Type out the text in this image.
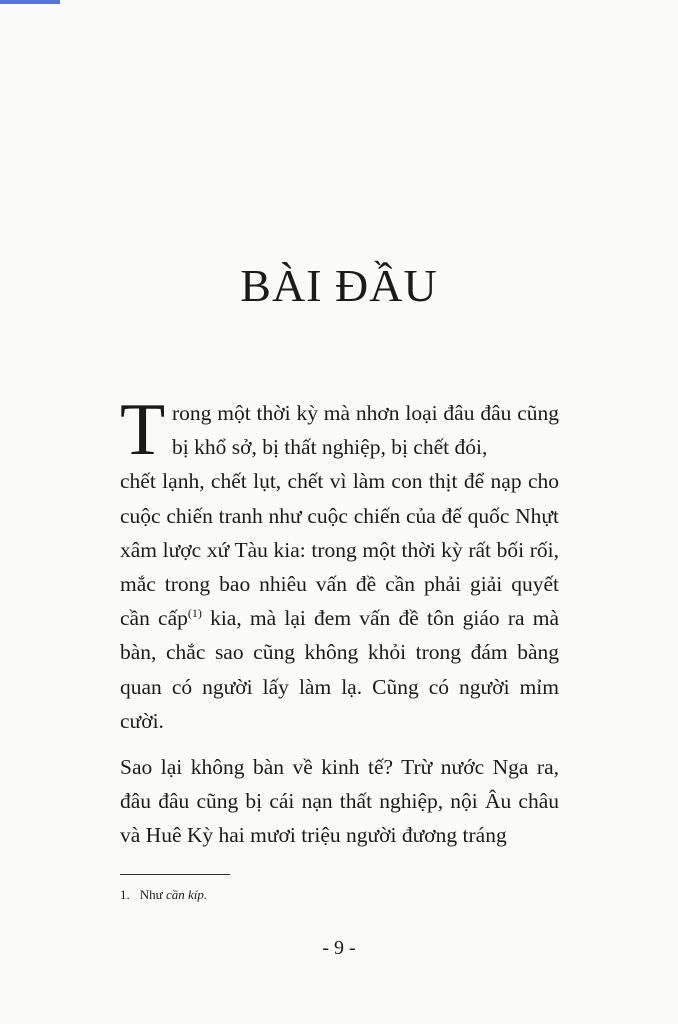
BÀI ĐẦU

T rong một thời kỳ mà nhơn loại đâu đâu cũng bị khổ sở, bị thất nghiệp, bị chết đói,
chết lạnh, chết lụt, chết vì làm con thịt để nạp cho cuộc chiến tranh như cuộc chiến của đế quốc Nhựt xâm lược xứ Tàu kia: trong một thời kỳ rất bối rối, mắc trong bao nhiêu vấn đề cần phải giải quyết cần cấp$^{(1)}$ kia, mà lại đem vấn đề tôn giáo ra mà bàn, chắc sao cũng không khỏi trong đám bàng quan có người lấy làm lạ. Cũng có người mỉm cười.

Sao lại không bàn về kinh tế? Trừ nước Nga ra, đâu đâu cũng bị cái nạn thất nghiệp, nội Âu châu và Huê Kỳ hai mươi triệu người đương tráng

1. Như cần kíp.
- 9 -
